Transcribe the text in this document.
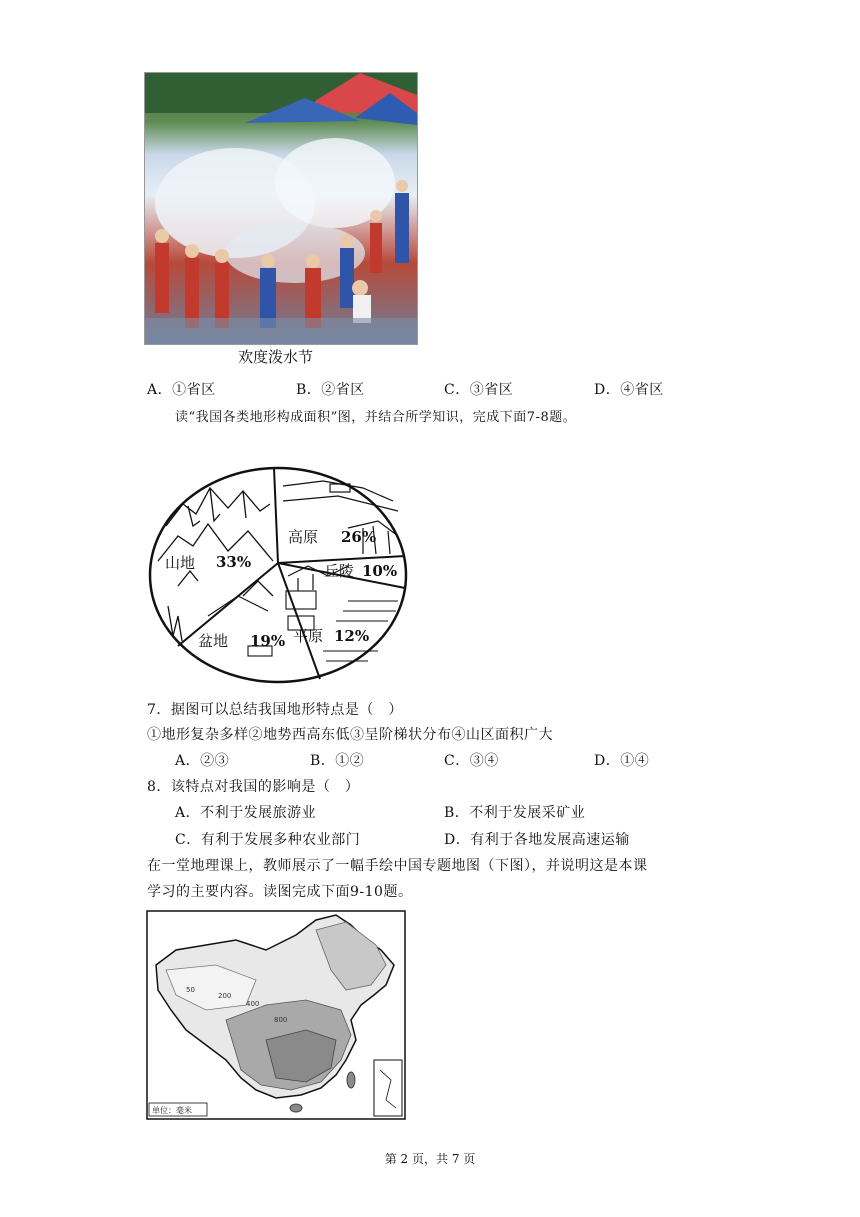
欢度泼水节
A．①省区	B．②省区	C．③省区	D．④省区
读“我国各类地形构成面积”图，并结合所学知识，完成下面7-8题。
山地 33%
高原 26%
丘陵 10%
平原 12%
盆地 19%
7．据图可以总结我国地形特点是（　）
①地形复杂多样②地势西高东低③呈阶梯状分布④山区面积广大
A．②③	B．①②	C．③④	D．①④
8．该特点对我国的影响是（　）
A．不利于发展旅游业	B．不利于发展采矿业
C．有利于发展多种农业部门	D．有利于各地发展高速运输
在一堂地理课上，教师展示了一幅手绘中国专题地图（下图），并说明这是本课
学习的主要内容。读图完成下面9-10题。
50
200
400
800
单位：毫米
第 2 页，共 7 页
